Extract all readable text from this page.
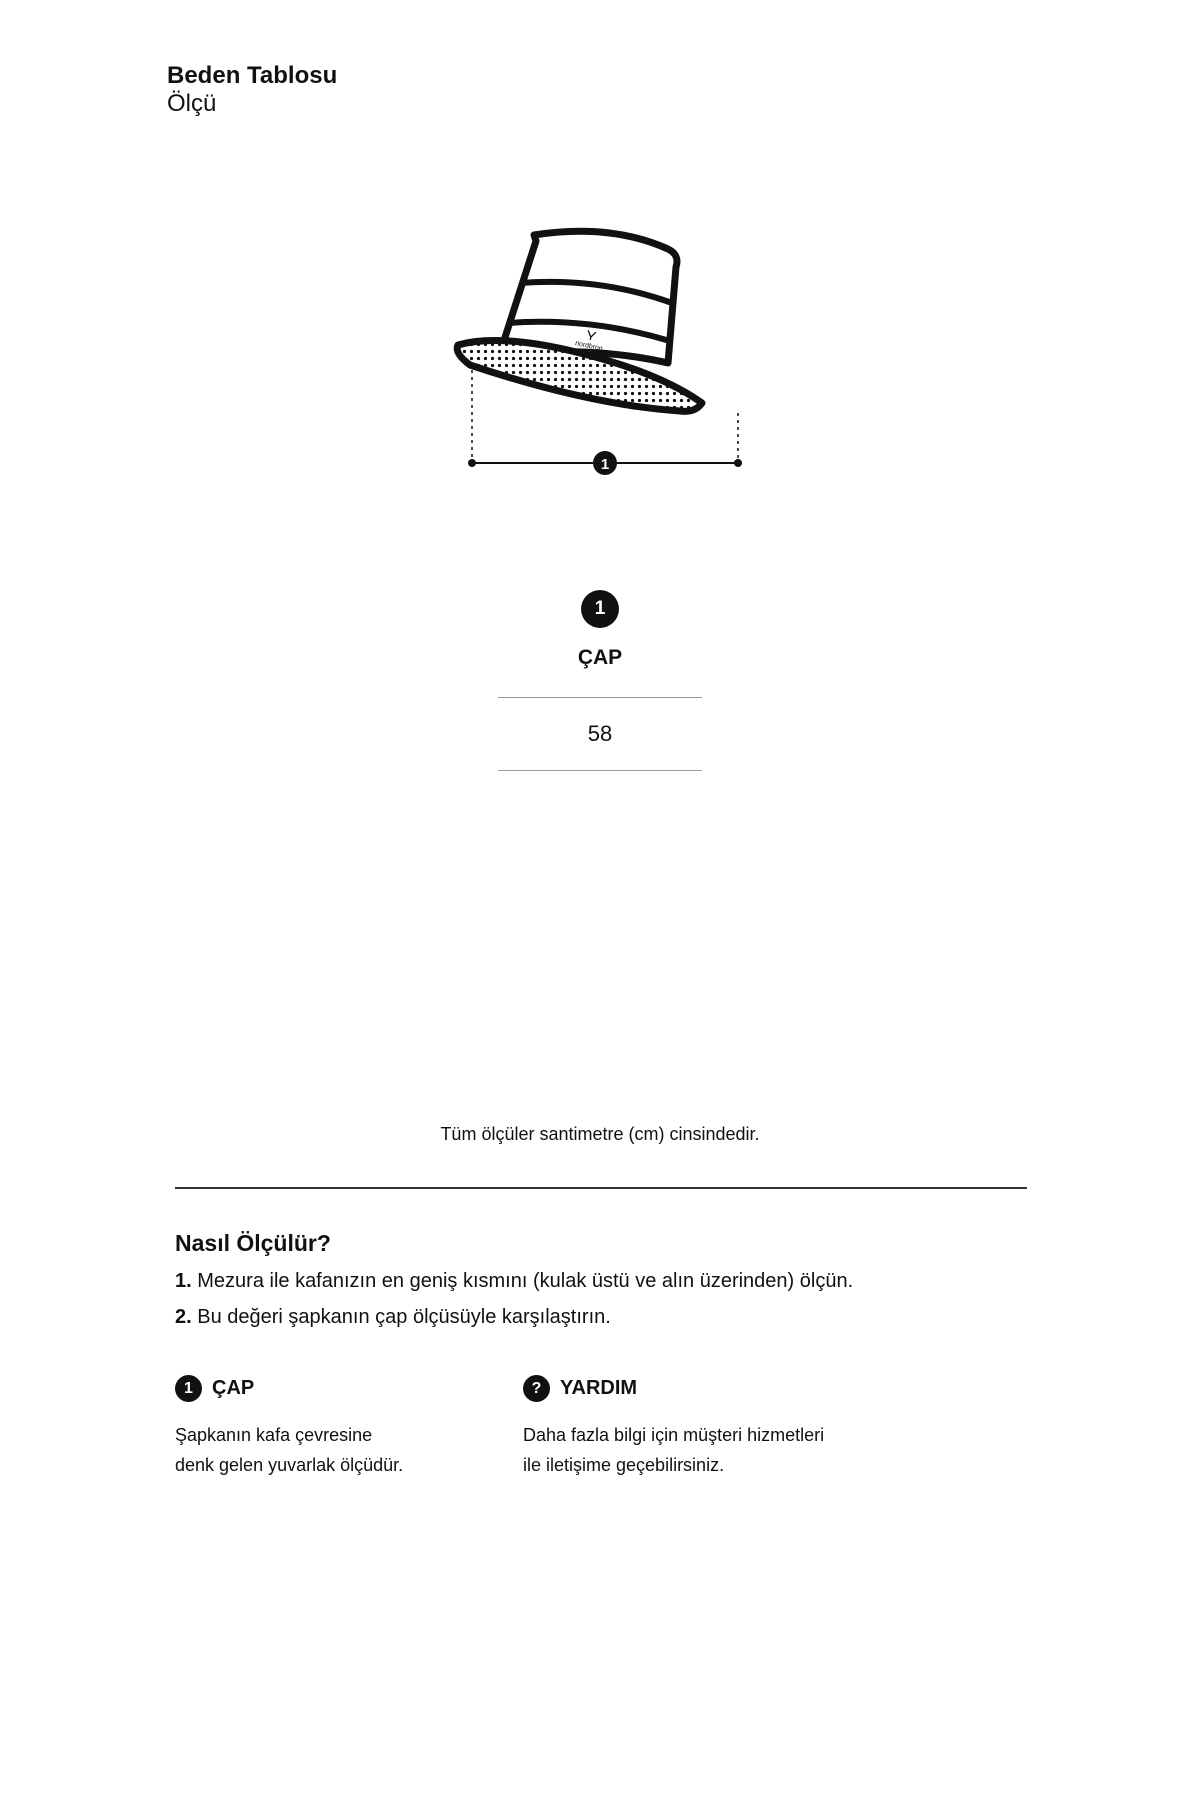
Beden Tablosu
Ölçü
nordbron
1
1
ÇAP
58
Tüm ölçüler santimetre (cm) cinsindedir.
Nasıl Ölçülür?
1. Mezura ile kafanızın en geniş kısmını (kulak üstü ve alın üzerinden) ölçün.
2. Bu değeri şapkanın çap ölçüsüyle karşılaştırın.
1 ÇAP
Şapkanın kafa çevresine
denk gelen yuvarlak ölçüdür.
? YARDIM
Daha fazla bilgi için müşteri hizmetleri
ile iletişime geçebilirsiniz.
